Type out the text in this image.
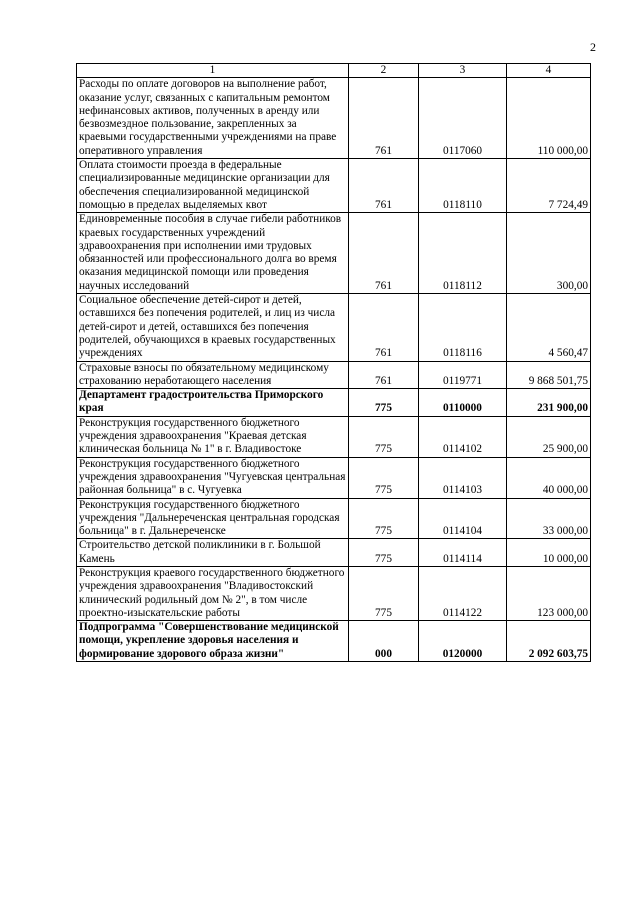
2
1	2	3	4
Расходы по оплате договоров на выполнение работ, оказание услуг, связанных с капитальным ремонтом нефинансовых активов, полученных в аренду или безвозмездное пользование, закрепленных за краевыми государственными учреждениями на праве оперативного управления	761	0117060	110 000,00
Оплата стоимости проезда в федеральные специализированные медицинские организации для обеспечения специализированной медицинской помощью в пределах выделяемых квот	761	0118110	7 724,49
Единовременные пособия в случае гибели работников краевых государственных учреждений здравоохранения при исполнении ими трудовых обязанностей или профессионального долга во время оказания медицинской помощи или проведения научных исследований	761	0118112	300,00
Социальное обеспечение детей-сирот и детей, оставшихся без попечения родителей, и лиц из числа детей-сирот и детей, оставшихся без попечения родителей, обучающихся в краевых государственных учреждениях	761	0118116	4 560,47
Страховые взносы по обязательному медицинскому страхованию неработающего населения	761	0119771	9 868 501,75
Департамент градостроительства Приморского края	775	0110000	231 900,00
Реконструкция государственного бюджетного учреждения здравоохранения "Краевая детская клиническая больница № 1" в г. Владивостоке	775	0114102	25 900,00
Реконструкция государственного бюджетного учреждения здравоохранения "Чугуевская центральная районная больница" в с. Чугуевка	775	0114103	40 000,00
Реконструкция государственного бюджетного учреждения "Дальнереченская центральная городская больница" в г. Дальнереченске	775	0114104	33 000,00
Строительство детской поликлиники в г. Большой Камень	775	0114114	10 000,00
Реконструкция краевого государственного бюджетного учреждения здравоохранения "Владивостокский клинический родильный дом № 2", в том числе проектно-изыскательские работы	775	0114122	123 000,00
Подпрограмма "Совершенствование медицинской помощи, укрепление здоровья населения и формирование здорового образа жизни"	000	0120000	2 092 603,75
